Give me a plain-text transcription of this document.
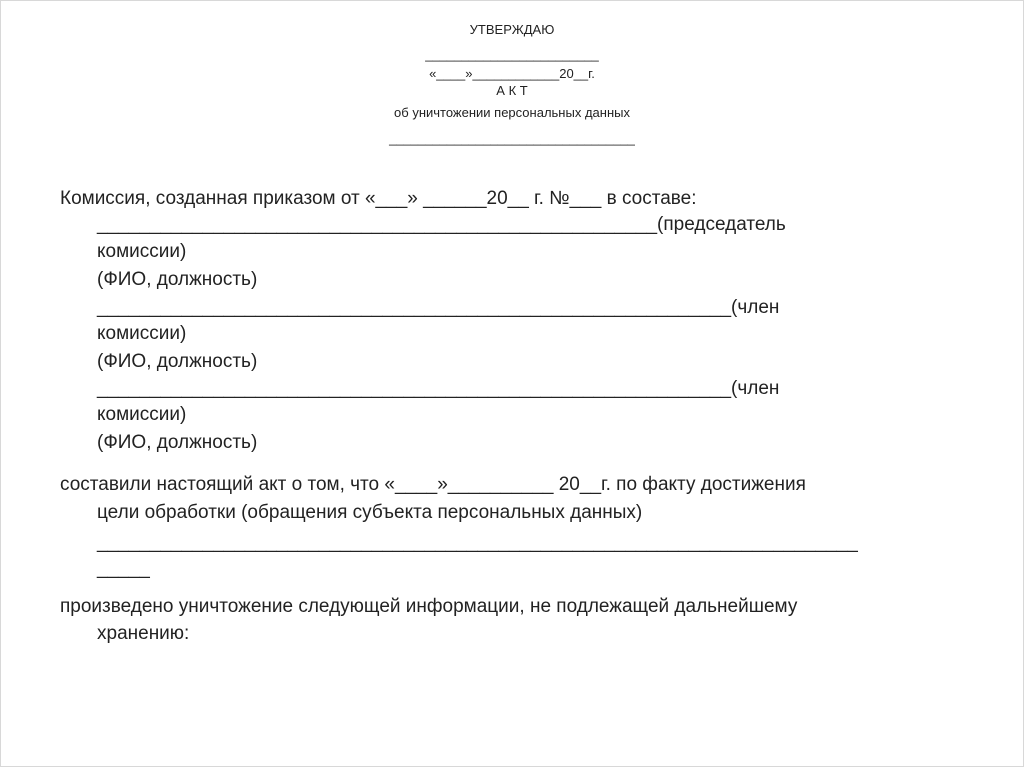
УТВЕРЖДАЮ
________________________
«____»____________20__г.
А К Т
об уничтожении персональных данных
__________________________________
Комиссия, созданная приказом от «___» ______20__ г. №___ в составе:
_____________________________________________________(председатель
комиссии)
(ФИО, должность)
____________________________________________________________(член
комиссии)
(ФИО, должность)
____________________________________________________________(член
комиссии)
(ФИО, должность)
составили настоящий акт о том, что «____»__________ 20__г. по факту достижения
цели обработки (обращения субъекта персональных данных)
________________________________________________________________________
_____
произведено уничтожение следующей информации, не подлежащей дальнейшему
хранению:
